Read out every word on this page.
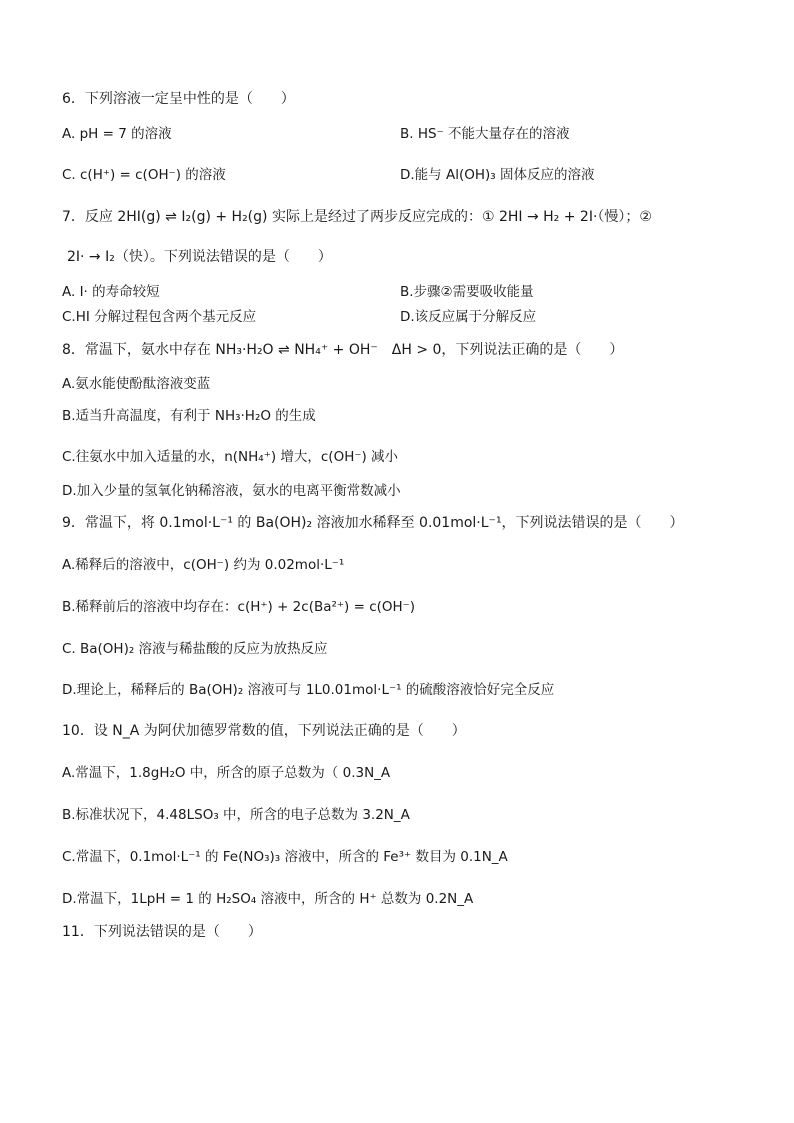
6．下列溶液一定呈中性的是（　　）
A. pH = 7 的溶液	B. HS⁻ 不能大量存在的溶液
C. c(H⁺) = c(OH⁻) 的溶液	D.能与 Al(OH)₃ 固体反应的溶液
7．反应 2HI(g) ⇌ I₂(g) + H₂(g) 实际上是经过了两步反应完成的：① 2HI → H₂ + 2I·（慢）；②
2I· → I₂（快）。下列说法错误的是（　　）
A. I· 的寿命较短	B.步骤②需要吸收能量
C.HI 分解过程包含两个基元反应	D.该反应属于分解反应
8．常温下，氨水中存在 NH₃·H₂O ⇌ NH₄⁺ + OH⁻　ΔH > 0，下列说法正确的是（　　）
A.氨水能使酚酞溶液变蓝
B.适当升高温度，有利于 NH₃·H₂O 的生成
C.往氨水中加入适量的水，n(NH₄⁺) 增大，c(OH⁻) 减小
D.加入少量的氢氧化钠稀溶液，氨水的电离平衡常数减小
9．常温下，将 0.1mol·L⁻¹ 的 Ba(OH)₂ 溶液加水稀释至 0.01mol·L⁻¹，下列说法错误的是（　　）
A.稀释后的溶液中，c(OH⁻) 约为 0.02mol·L⁻¹
B.稀释前后的溶液中均存在：c(H⁺) + 2c(Ba²⁺) = c(OH⁻)
C. Ba(OH)₂ 溶液与稀盐酸的反应为放热反应
D.理论上，稀释后的 Ba(OH)₂ 溶液可与 1L0.01mol·L⁻¹ 的硫酸溶液恰好完全反应
10．设 N_A 为阿伏加德罗常数的值，下列说法正确的是（　　）
A.常温下，1.8gH₂O 中，所含的原子总数为（ 0.3N_A
B.标准状况下，4.48LSO₃ 中，所含的电子总数为 3.2N_A
C.常温下，0.1mol·L⁻¹ 的 Fe(NO₃)₃ 溶液中，所含的 Fe³⁺ 数目为 0.1N_A
D.常温下，1LpH = 1 的 H₂SO₄ 溶液中，所含的 H⁺ 总数为 0.2N_A
11．下列说法错误的是（　　）
